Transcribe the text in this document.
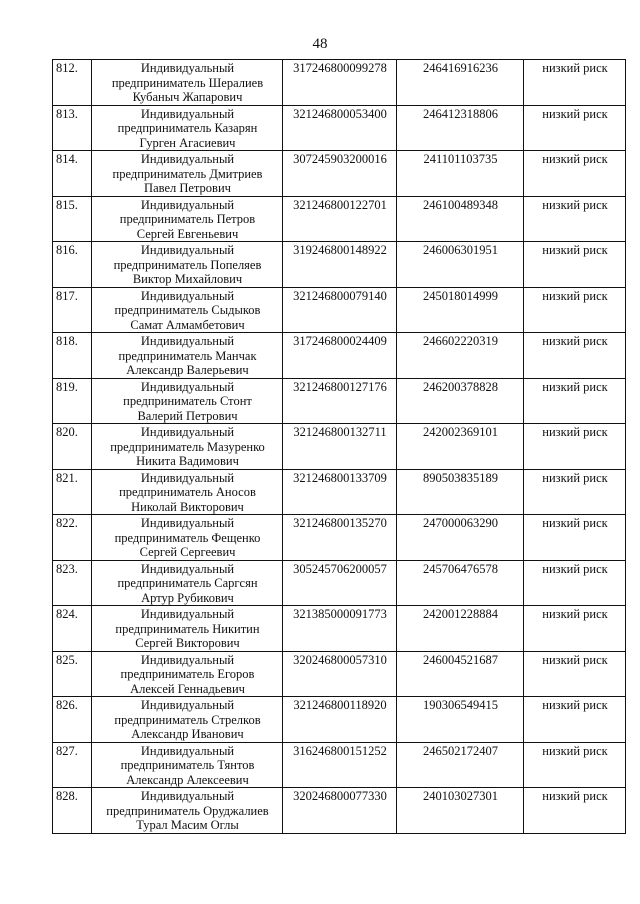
48
812.	Индивидуальный
предприниматель Шералиев
Кубаныч Жапарович	317246800099278	246416916236	низкий риск
813.	Индивидуальный
предприниматель Казарян
Гурген Агасиевич	321246800053400	246412318806	низкий риск
814.	Индивидуальный
предприниматель Дмитриев
Павел Петрович	307245903200016	241101103735	низкий риск
815.	Индивидуальный
предприниматель Петров
Сергей Евгеньевич	321246800122701	246100489348	низкий риск
816.	Индивидуальный
предприниматель Попеляев
Виктор Михайлович	319246800148922	246006301951	низкий риск
817.	Индивидуальный
предприниматель Сыдыков
Самат Алмамбетович	321246800079140	245018014999	низкий риск
818.	Индивидуальный
предприниматель Манчак
Александр Валерьевич	317246800024409	246602220319	низкий риск
819.	Индивидуальный
предприниматель Стонт
Валерий Петрович	321246800127176	246200378828	низкий риск
820.	Индивидуальный
предприниматель Мазуренко
Никита Вадимович	321246800132711	242002369101	низкий риск
821.	Индивидуальный
предприниматель Аносов
Николай Викторович	321246800133709	890503835189	низкий риск
822.	Индивидуальный
предприниматель Фещенко
Сергей Сергеевич	321246800135270	247000063290	низкий риск
823.	Индивидуальный
предприниматель Саргсян
Артур Рубикович	305245706200057	245706476578	низкий риск
824.	Индивидуальный
предприниматель Никитин
Сергей Викторович	321385000091773	242001228884	низкий риск
825.	Индивидуальный
предприниматель Егоров
Алексей Геннадьевич	320246800057310	246004521687	низкий риск
826.	Индивидуальный
предприниматель Стрелков
Александр Иванович	321246800118920	190306549415	низкий риск
827.	Индивидуальный
предприниматель Тянтов
Александр Алексеевич	316246800151252	246502172407	низкий риск
828.	Индивидуальный
предприниматель Оруджалиев
Турал Масим Оглы	320246800077330	240103027301	низкий риск
